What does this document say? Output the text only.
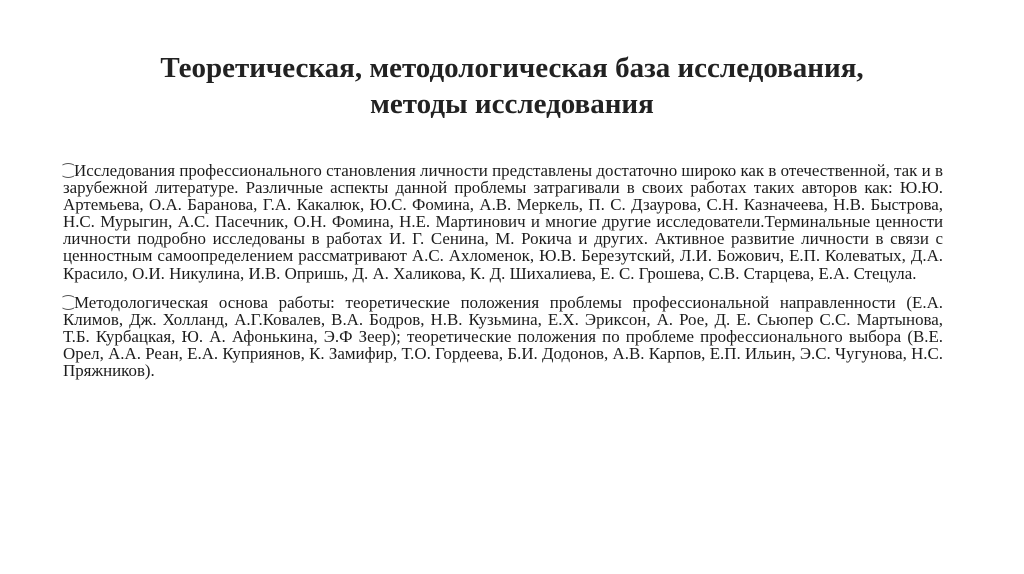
Теоретическая, методологическая база исследования,
методы исследования

⁐Исследования профессионального становления личности представлены достаточно широко как в отечественной, так и в зарубежной литературе. Различные аспекты данной проблемы затрагивали в своих работах таких авторов как: Ю.Ю. Артемьева, О.А. Баранова, Г.А. Какалюк, Ю.С. Фомина, А.В. Меркель, П. С. Дзаурова, С.Н. Казначеева, Н.В. Быстрова, Н.С. Мурыгин, А.С. Пасечник, О.Н. Фомина, Н.Е. Мартинович и многие другие исследователи.Терминальные ценности личности подробно исследованы в работах И. Г. Сенина, М. Рокича и других. Активное развитие личности в связи с ценностным самоопределением рассматривают А.С. Ахломенок, Ю.В. Березутский, Л.И. Божович, Е.П. Колеватых, Д.А. Красило, О.И. Никулина, И.В. Опришь, Д. А. Халикова, К. Д. Шихалиева, Е. С. Грошева, С.В. Старцева, Е.А. Стецула.

⁐Методологическая основа работы: теоретические положения проблемы профессиональной направленности (Е.А. Климов, Дж. Холланд, А.Г.Ковалев, В.А. Бодров, Н.В. Кузьмина, Е.Х. Эриксон, А. Рое, Д. Е. Сьюпер С.С. Мартынова, Т.Б. Курбацкая, Ю. А. Афонькина, Э.Ф Зеер); теоретические положения по проблеме профессионального выбора (В.Е. Орел, А.А. Реан, Е.А. Куприянов, К. Замифир, Т.О. Гордеева, Б.И. Додонов, А.В. Карпов, Е.П. Ильин, Э.С. Чугунова, Н.С. Пряжников).
